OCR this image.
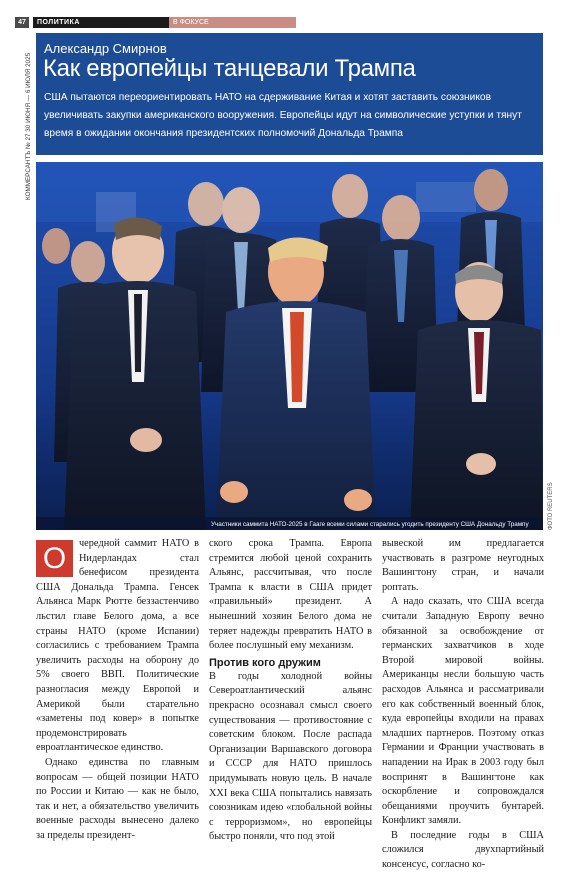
47	ПОЛИТИКА	В ФОКУСЕ
КОММЕРСАНТЪ № 27 30 ИЮНЯ — 6 ИЮЛЯ 2025
Александр Смирнов
Как европейцы танцевали Трампа
США пытаются переориентировать НАТО на сдерживание Китая и хотят заставить союзников увеличивать закупки американского вооружения. Европейцы идут на символические уступки и тянут время в ожидании окончания президентских полномочий Дональда Трампа
Участники саммита НАТО-2025 в Гааге всеми силами старались угодить президенту США Дональду Трампу	ФОТО REUTERS
О	черeдной саммит НАТО в Нидерландах стал бенефисом президента США Дональда Трампа. Генсек Альянса Марк Рютте беззастенчиво льстил главе Белого дома, а все страны НАТО (кроме Испании) согласились с требованием Трампа увеличить расходы на оборону до 5% своего ВВП. Политические разногласия между Европой и Америкой были старательно «заметены под ковер» в попытке продемонстрировать евроатлантическое единство.

Однако единства по главным вопросам — общей позиции НАТО по России и Китаю — как не было, так и нет, а обязательство увеличить военные расходы вынесено далеко за пределы президент-

ского срока Трампа. Европа стремится любой ценой сохранить Альянс, рассчитывая, что после Трампа к власти в США придет «правильный» президент. А нынешний хозяин Белого дома не теряет надежды превратить НАТО в более послушный ему механизм.

Против кого дружим

В годы холодной войны Североатлантический альянс прекрасно осознавал смысл своего существования — противостояние с советским блоком. После распада Организации Варшавского договора и СССР для НАТО пришлось придумывать новую цель. В начале XXI века США попытались навязать союзникам идею «глобальной войны с терроризмом», но европейцы быстро поняли, что под этой

вывеской им предлагается участвовать в разгроме неугодных Вашингтону стран, и начали роптать.

А надо сказать, что США всегда считали Западную Европу вечно обязанной за освобождение от германских захватчиков в ходе Второй мировой войны. Американцы несли большую часть расходов Альянса и рассматривали его как собственный военный блок, куда европейцы входили на правах младших партнеров. Поэтому отказ Германии и Франции участвовать в нападении на Ирак в 2003 году был воспринят в Вашингтоне как оскорбление и сопровождался обещаниями проучить бунтарей. Конфликт замяли.

В последние годы в США сложился двухпартийный консенсус, согласно ко-
